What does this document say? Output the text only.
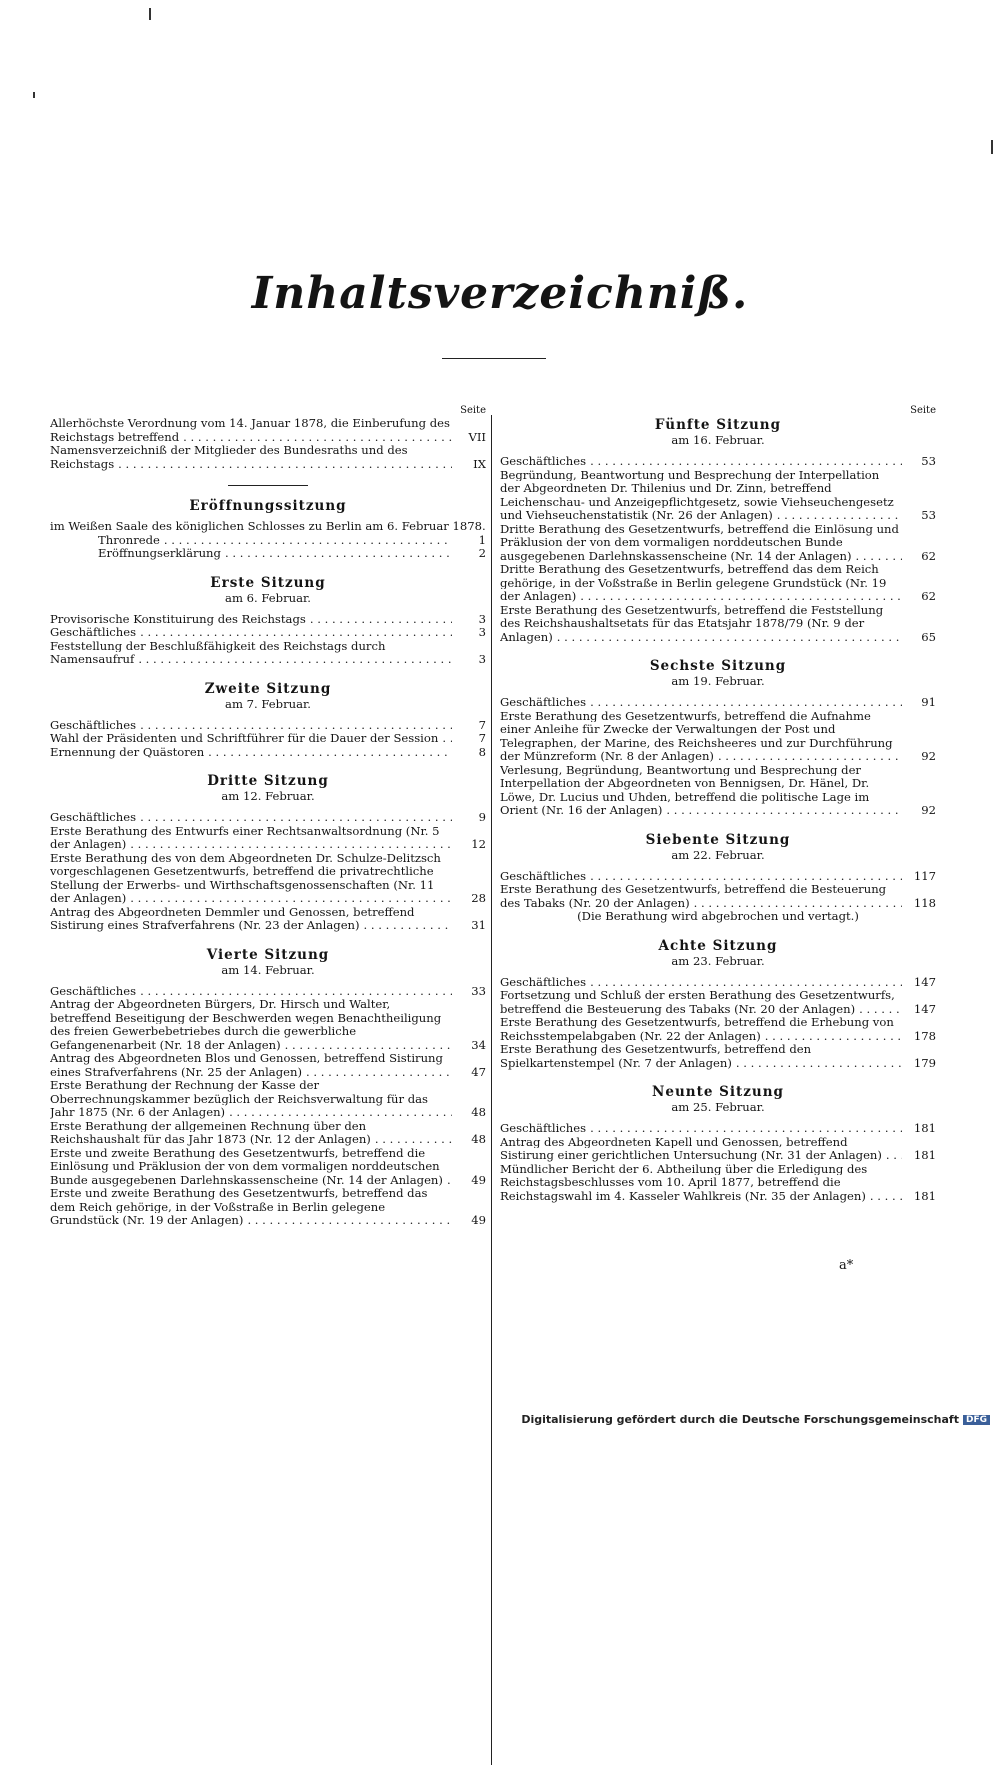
Inhaltsverzeichniß.
Seite
Allerhöchste Verordnung vom 14. Januar 1878, die Einberufung des Reichstags betreffend . . .	VII
Namensverzeichniß der Mitglieder des Bundesraths und des Reichstags . . .	IX
Eröffnungssitzung
im Weißen Saale des königlichen Schlosses zu Berlin am 6. Februar 1878.
Thronrede . . .	1
Eröffnungserklärung . . .	2
Erste Sitzung
am 6. Februar.
Provisorische Konstituirung des Reichstags . . .	3
Geschäftliches . . .	3
Feststellung der Beschlußfähigkeit des Reichstags durch Namensaufruf . . .	3
Zweite Sitzung
am 7. Februar.
Geschäftliches . . .	7
Wahl der Präsidenten und Schriftführer für die Dauer der Session . . .	7
Ernennung der Quästoren . . .	8
Dritte Sitzung
am 12. Februar.
Geschäftliches . . .	9
Erste Berathung des Entwurfs einer Rechtsanwaltsordnung (Nr. 5 der Anlagen) . . .	12
Erste Berathung des von dem Abgeordneten Dr. Schulze-Delitzsch vorgeschlagenen Gesetzentwurfs, betreffend die privatrechtliche Stellung der Erwerbs- und Wirthschaftsgenossenschaften (Nr. 11 der Anlagen) . . .	28
Antrag des Abgeordneten Demmler und Genossen, betreffend Sistirung eines Strafverfahrens (Nr. 23 der Anlagen) . . .	31
Vierte Sitzung
am 14. Februar.
Geschäftliches . . .	33
Antrag der Abgeordneten Bürgers, Dr. Hirsch und Walter, betreffend Beseitigung der Beschwerden wegen Benachtheiligung des freien Gewerbebetriebes durch die gewerbliche Gefangenenarbeit (Nr. 18 der Anlagen) . . .	34
Antrag des Abgeordneten Blos und Genossen, betreffend Sistirung eines Strafverfahrens (Nr. 25 der Anlagen) . . .	47
Erste Berathung der Rechnung der Kasse der Oberrechnungskammer bezüglich der Reichsverwaltung für das Jahr 1875 (Nr. 6 der Anlagen) . . .	48
Erste Berathung der allgemeinen Rechnung über den Reichshaushalt für das Jahr 1873 (Nr. 12 der Anlagen) . . .	48
Erste und zweite Berathung des Gesetzentwurfs, betreffend die Einlösung und Präklusion der von dem vormaligen norddeutschen Bunde ausgegebenen Darlehnskassenscheine (Nr. 14 der Anlagen) . . .	49
Erste und zweite Berathung des Gesetzentwurfs, betreffend das dem Reich gehörige, in der Voßstraße in Berlin gelegene Grundstück (Nr. 19 der Anlagen) . . .	49
Seite
Fünfte Sitzung
am 16. Februar.
Geschäftliches . . .	53
Begründung, Beantwortung und Besprechung der Interpellation der Abgeordneten Dr. Thilenius und Dr. Zinn, betreffend Leichenschau- und Anzeigepflichtgesetz, sowie Viehseuchengesetz und Viehseuchenstatistik (Nr. 26 der Anlagen) . . .	53
Dritte Berathung des Gesetzentwurfs, betreffend die Einlösung und Präklusion der von dem vormaligen norddeutschen Bunde ausgegebenen Darlehnskassenscheine (Nr. 14 der Anlagen) . . .	62
Dritte Berathung des Gesetzentwurfs, betreffend das dem Reich gehörige, in der Voßstraße in Berlin gelegene Grundstück (Nr. 19 der Anlagen) . . .	62
Erste Berathung des Gesetzentwurfs, betreffend die Feststellung des Reichshaushaltsetats für das Etatsjahr 1878/79 (Nr. 9 der Anlagen) . . .	65
Sechste Sitzung
am 19. Februar.
Geschäftliches . . .	91
Erste Berathung des Gesetzentwurfs, betreffend die Aufnahme einer Anleihe für Zwecke der Verwaltungen der Post und Telegraphen, der Marine, des Reichsheeres und zur Durchführung der Münzreform (Nr. 8 der Anlagen) . . .	92
Verlesung, Begründung, Beantwortung und Besprechung der Interpellation der Abgeordneten von Bennigsen, Dr. Hänel, Dr. Löwe, Dr. Lucius und Uhden, betreffend die politische Lage im Orient (Nr. 16 der Anlagen) . . .	92
Siebente Sitzung
am 22. Februar.
Geschäftliches . . .	117
Erste Berathung des Gesetzentwurfs, betreffend die Besteuerung des Tabaks (Nr. 20 der Anlagen) . . .	118
(Die Berathung wird abgebrochen und vertagt.)
Achte Sitzung
am 23. Februar.
Geschäftliches . . .	147
Fortsetzung und Schluß der ersten Berathung des Gesetzentwurfs, betreffend die Besteuerung des Tabaks (Nr. 20 der Anlagen) . . .	147
Erste Berathung des Gesetzentwurfs, betreffend die Erhebung von Reichsstempelabgaben (Nr. 22 der Anlagen) . . .	178
Erste Berathung des Gesetzentwurfs, betreffend den Spielkartenstempel (Nr. 7 der Anlagen) . . .	179
Neunte Sitzung
am 25. Februar.
Geschäftliches . . .	181
Antrag des Abgeordneten Kapell und Genossen, betreffend Sistirung einer gerichtlichen Untersuchung (Nr. 31 der Anlagen) . . .	181
Mündlicher Bericht der 6. Abtheilung über die Erledigung des Reichstagsbeschlusses vom 10. April 1877, betreffend die Reichstagswahl im 4. Kasseler Wahlkreis (Nr. 35 der Anlagen) . . .	181
a*
Digitalisierung gefördert durch die Deutsche Forschungsgemeinschaft DFG
